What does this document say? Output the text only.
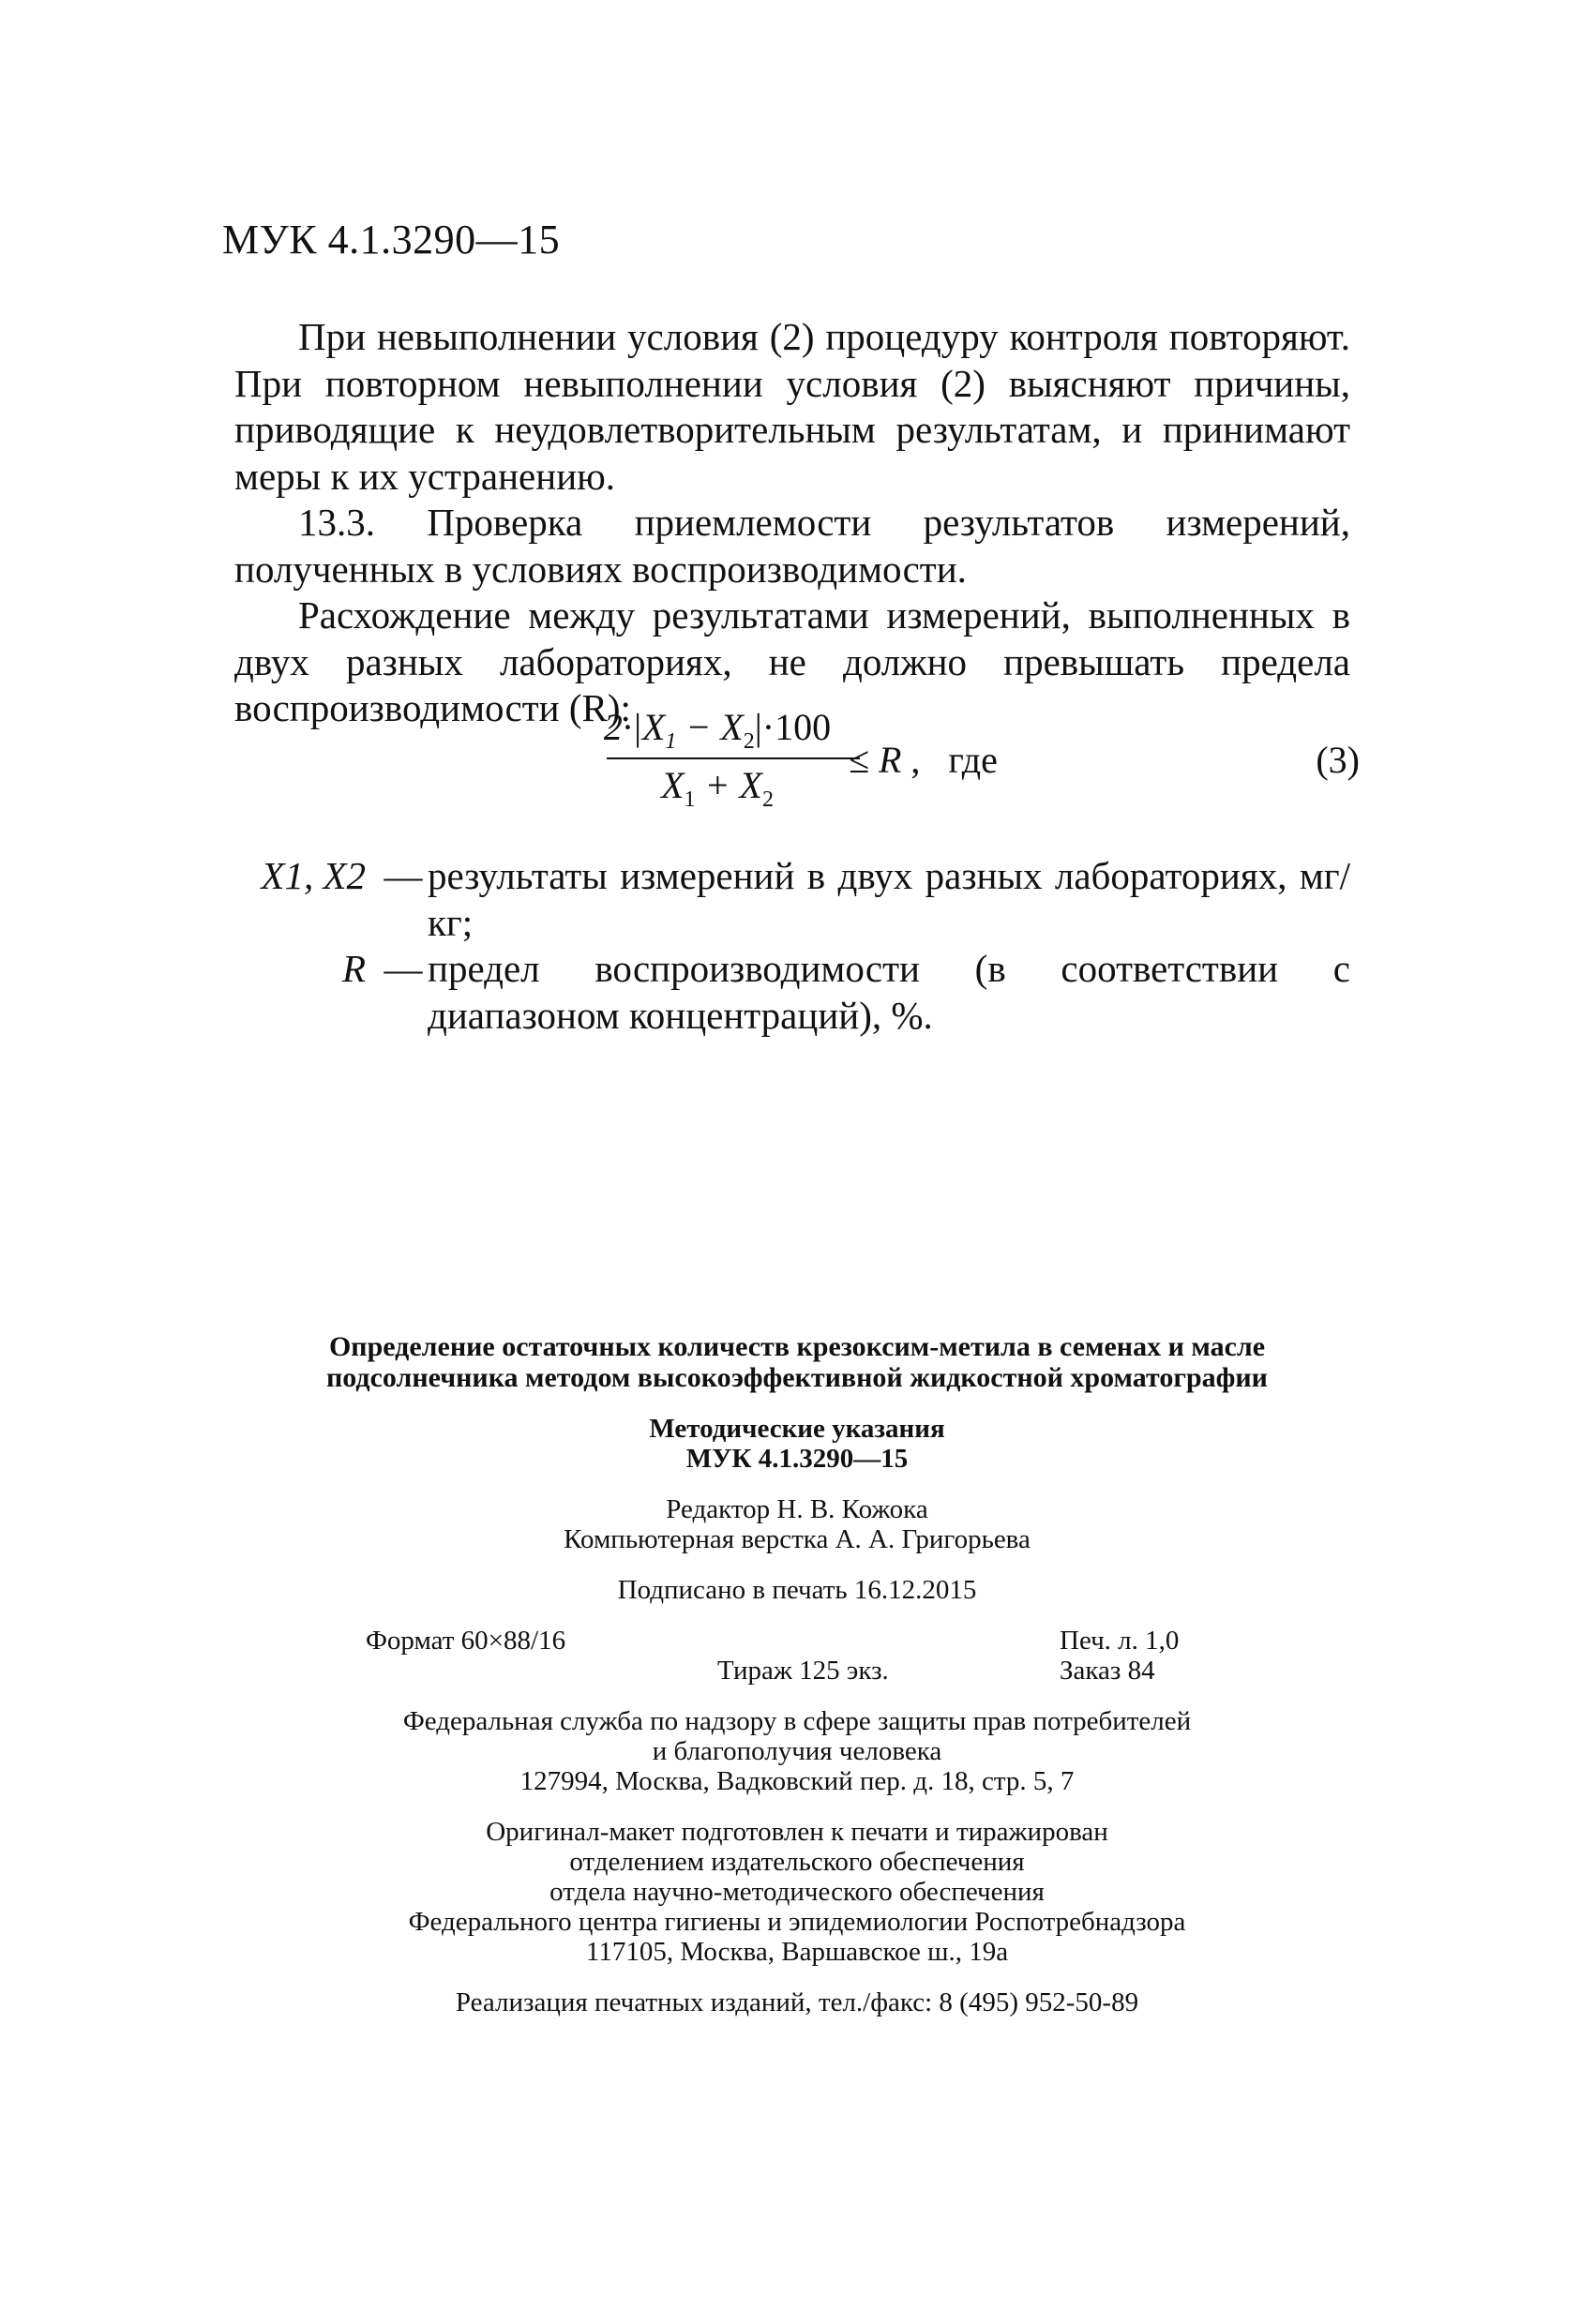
МУК 4.1.3290—15

При невыполнении условия (2) процедуру контроля повторяют. При повторном невыполнении условия (2) выясняют причины, приводящие к неудовлетворительным результатам, и принимают меры к их устранению.

13.3. Проверка приемлемости результатов измерений, полученных в условиях воспроизводимости.

Расхождение между результатами измерений, выполненных в двух разных лабораториях, не должно превышать предела воспроизводимости (R):

$2\cdot|X_1 - X_2|\cdot 100$
$X_1 + X_2$
≤ R ,   где	(3)
X1, X2 — результаты измерений в двух разных лабораториях, мг/кг;
R — предел воспроизводимости (в соответствии с диапазоном концентраций), %.
Определение остаточных количеств крезоксим-метила в семенах и масле
подсолнечника методом высокоэффективной жидкостной хроматографии
Методические указания
МУК 4.1.3290—15
Редактор Н. В. Кожока
Компьютерная верстка А. А. Григорьева
Подписано в печать 16.12.2015
Формат 60×88/16
Тираж 125 экз.
Печ. л. 1,0
Заказ 84
Федеральная служба по надзору в сфере защиты прав потребителей
и благополучия человека
127994, Москва, Вадковский пер. д. 18, стр. 5, 7
Оригинал-макет подготовлен к печати и тиражирован
отделением издательского обеспечения
отдела научно-методического обеспечения
Федерального центра гигиены и эпидемиологии Роспотребнадзора
117105, Москва, Варшавское ш., 19а
Реализация печатных изданий, тел./факс: 8 (495) 952-50-89
